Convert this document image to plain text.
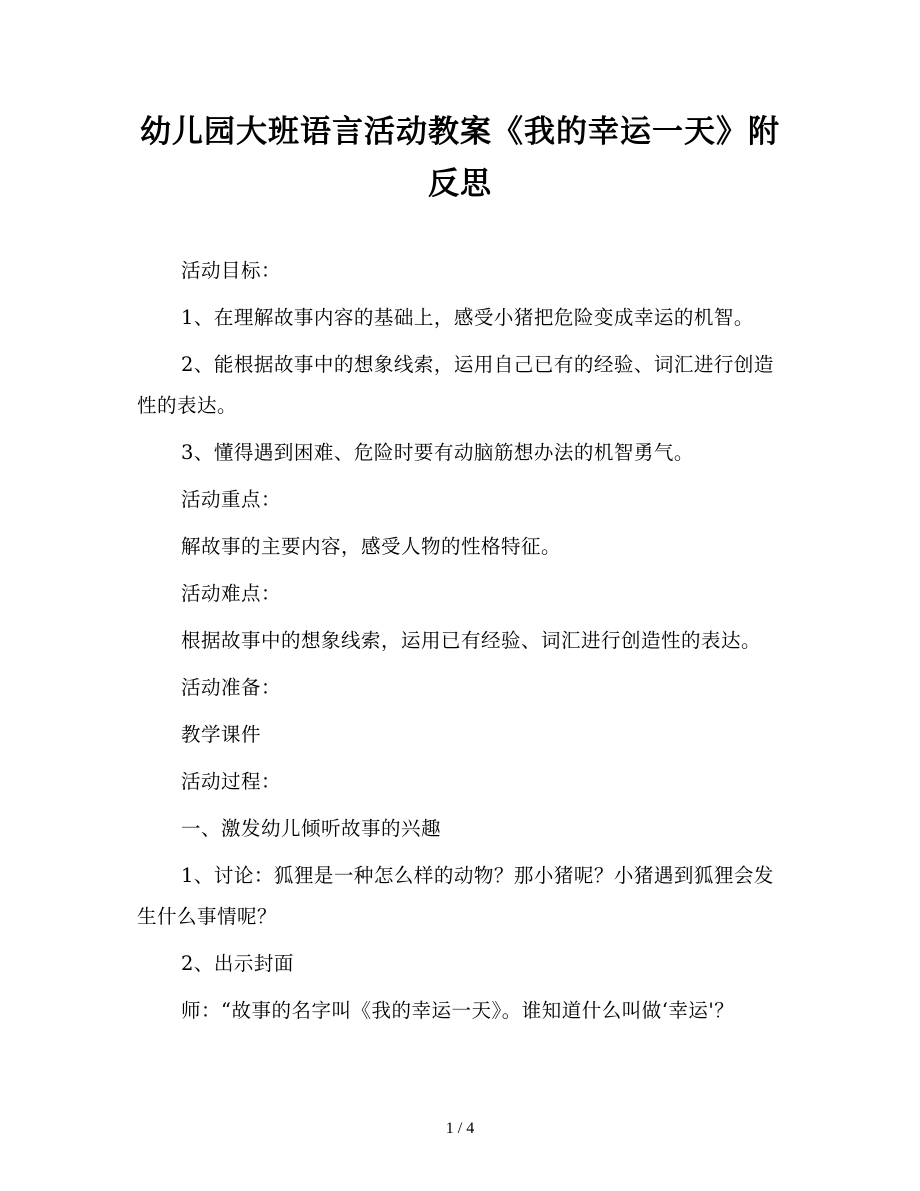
幼儿园大班语言活动教案《我的幸运一天》附反思

活动目标：

1、在理解故事内容的基础上，感受小猪把危险变成幸运的机智。

2、能根据故事中的想象线索，运用自己已有的经验、词汇进行创造性的表达。

3、懂得遇到困难、危险时要有动脑筋想办法的机智勇气。

活动重点：

解故事的主要内容，感受人物的性格特征。

活动难点：

根据故事中的想象线索，运用已有经验、词汇进行创造性的表达。

活动准备：

教学课件

活动过程：

一、激发幼儿倾听故事的兴趣

1、讨论：狐狸是一种怎么样的动物？那小猪呢？小猪遇到狐狸会发生什么事情呢？

2、出示封面

师：“故事的名字叫《我的幸运一天》。谁知道什么叫做‘幸运'？

1 / 4
